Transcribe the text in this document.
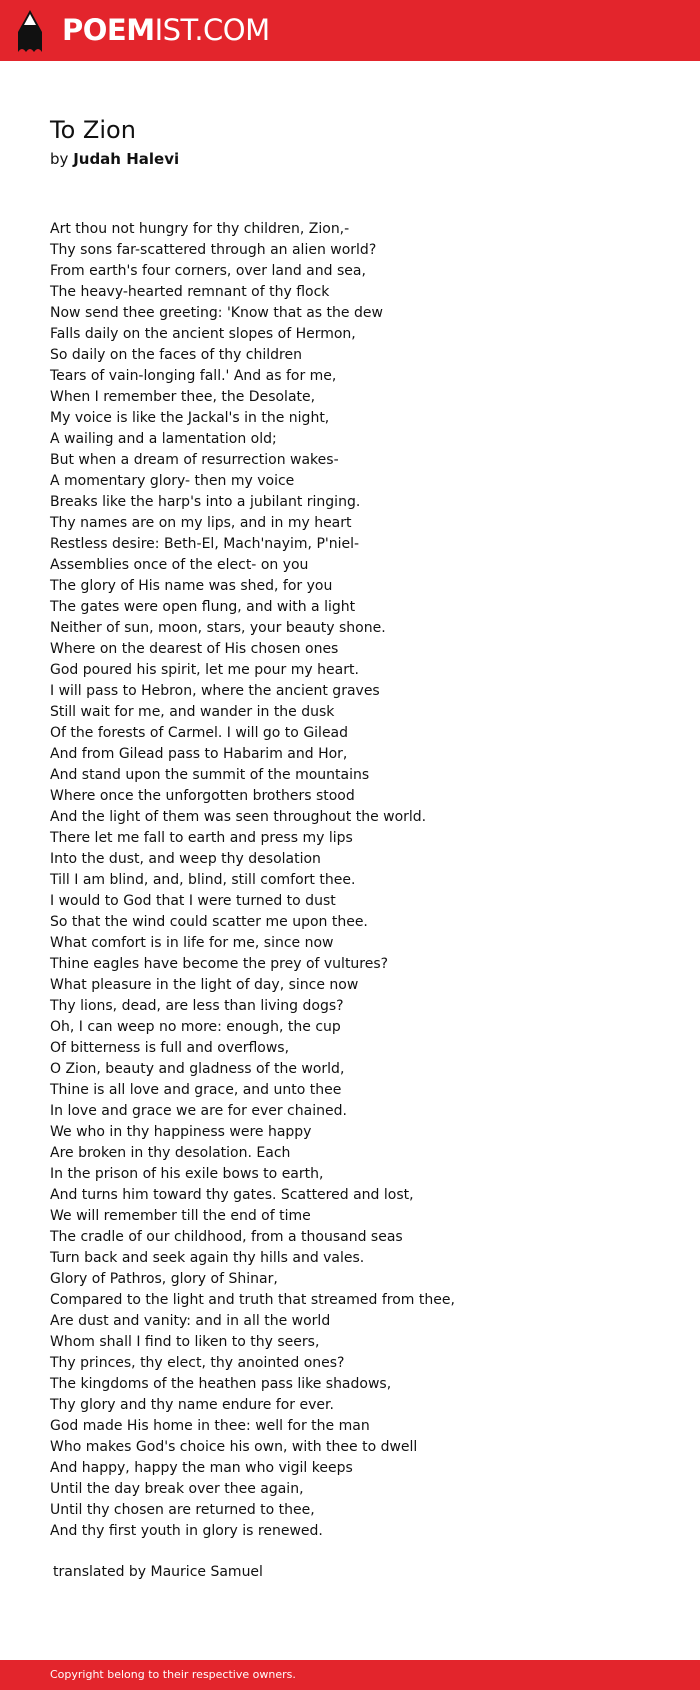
POEMIST.COM
To Zion
by Judah Halevi
Art thou not hungry for thy children, Zion,-
Thy sons far-scattered through an alien world?
From earth's four corners, over land and sea,
The heavy-hearted remnant of thy flock
Now send thee greeting: 'Know that as the dew
Falls daily on the ancient slopes of Hermon,
So daily on the faces of thy children
Tears of vain-longing fall.' And as for me,
When I remember thee, the Desolate,
My voice is like the Jackal's in the night,
A wailing and a lamentation old;
But when a dream of resurrection wakes-
A momentary glory- then my voice
Breaks like the harp's into a jubilant ringing.
Thy names are on my lips, and in my heart
Restless desire: Beth-El, Mach'nayim, P'niel-
Assemblies once of the elect- on you
The glory of His name was shed, for you
The gates were open flung, and with a light
Neither of sun, moon, stars, your beauty shone.
Where on the dearest of His chosen ones
God poured his spirit, let me pour my heart.
I will pass to Hebron, where the ancient graves
Still wait for me, and wander in the dusk
Of the forests of Carmel. I will go to Gilead
And from Gilead pass to Habarim and Hor,
And stand upon the summit of the mountains
Where once the unforgotten brothers stood
And the light of them was seen throughout the world.
There let me fall to earth and press my lips
Into the dust, and weep thy desolation
Till I am blind, and, blind, still comfort thee.
I would to God that I were turned to dust
So that the wind could scatter me upon thee.
What comfort is in life for me, since now
Thine eagles have become the prey of vultures?
What pleasure in the light of day, since now
Thy lions, dead, are less than living dogs?
Oh, I can weep no more: enough, the cup
Of bitterness is full and overflows,
O Zion, beauty and gladness of the world,
Thine is all love and grace, and unto thee
In love and grace we are for ever chained.
We who in thy happiness were happy
Are broken in thy desolation. Each
In the prison of his exile bows to earth,
And turns him toward thy gates. Scattered and lost,
We will remember till the end of time
The cradle of our childhood, from a thousand seas
Turn back and seek again thy hills and vales.
Glory of Pathros, glory of Shinar,
Compared to the light and truth that streamed from thee,
Are dust and vanity: and in all the world
Whom shall I find to liken to thy seers,
Thy princes, thy elect, thy anointed ones?
The kingdoms of the heathen pass like shadows,
Thy glory and thy name endure for ever.
God made His home in thee: well for the man
Who makes God's choice his own, with thee to dwell
And happy, happy the man who vigil keeps
Until the day break over thee again,
Until thy chosen are returned to thee,
And thy first youth in glory is renewed.
translated by Maurice Samuel
Copyright belong to their respective owners.
